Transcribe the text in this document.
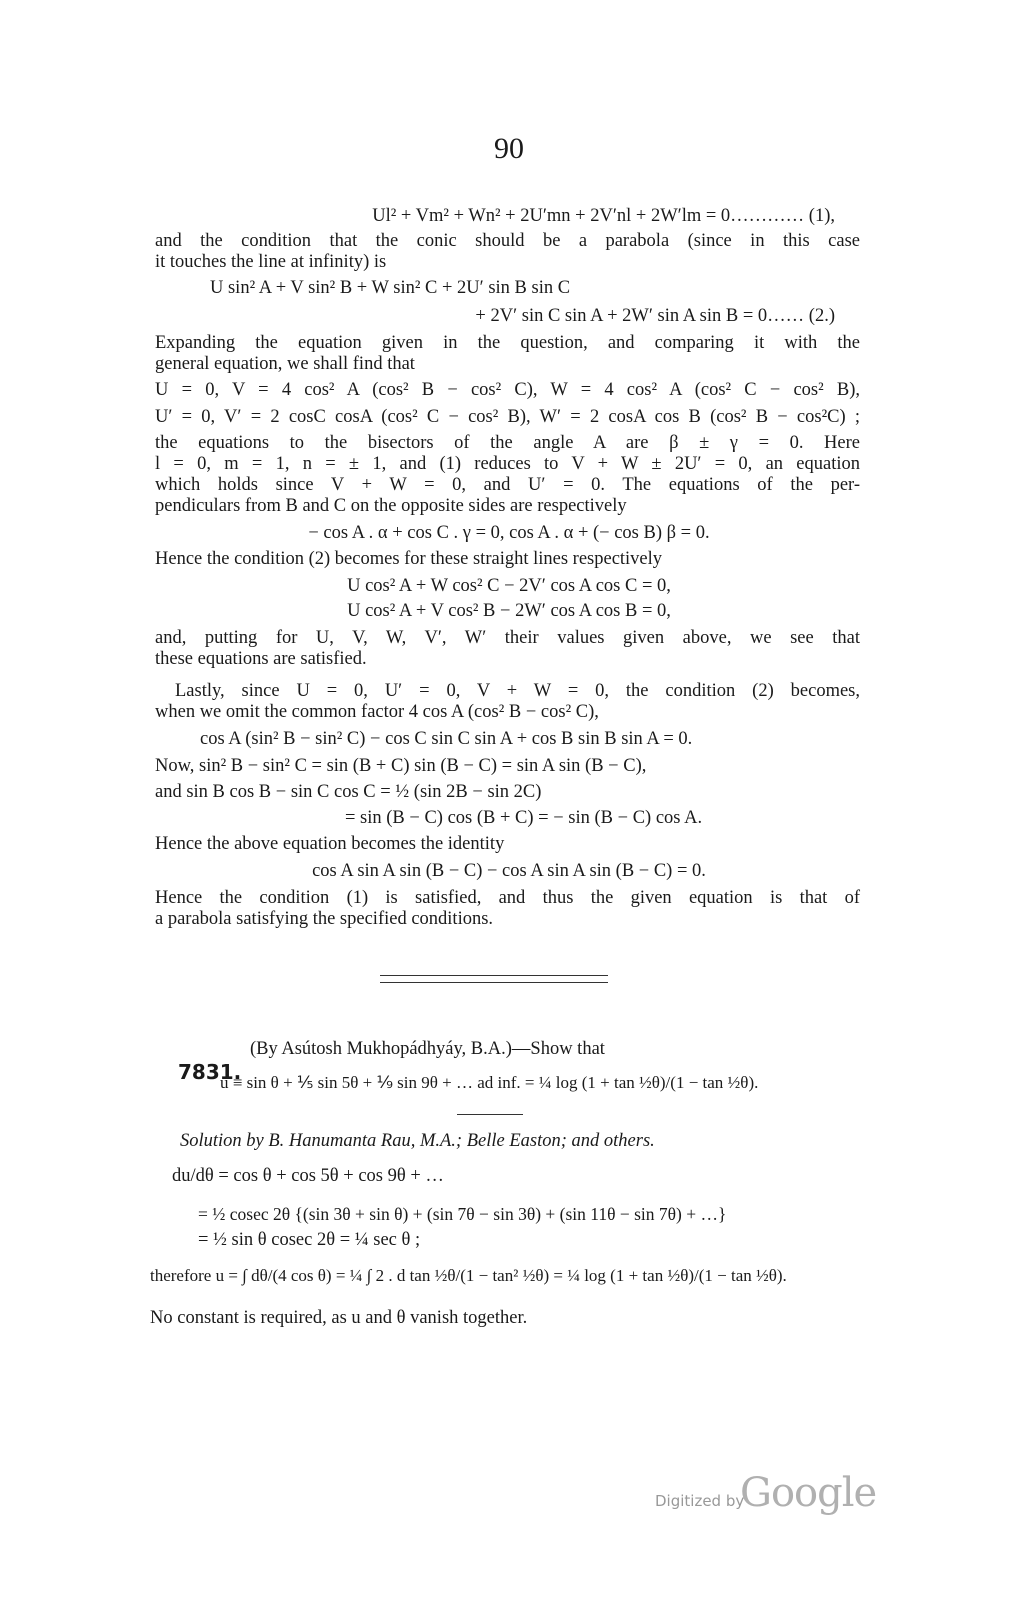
90
Ul² + Vm² + Wn² + 2U′mn + 2V′nl + 2W′lm = 0………… (1),
and the condition that the conic should be a parabola (since in this case
it touches the line at infinity) is
U sin² A + V sin² B + W sin² C + 2U′ sin B sin C
+ 2V′ sin C sin A + 2W′ sin A sin B = 0…… (2.)
Expanding the equation given in the question, and comparing it with the
general equation, we shall find that
U = 0, V = 4 cos² A (cos² B − cos² C), W = 4 cos² A (cos² C − cos² B),
U′ = 0, V′ = 2 cosC cosA (cos² C − cos² B), W′ = 2 cosA cos B (cos² B − cos²C) ;
the equations to the bisectors of the angle A are β ± γ = 0. Here
l = 0, m = 1, n = ± 1, and (1) reduces to V + W ± 2U′ = 0, an equation
which holds since V + W = 0, and U′ = 0. The equations of the per-
pendiculars from B and C on the opposite sides are respectively
− cos A . α + cos C . γ = 0, cos A . α + (− cos B) β = 0.
Hence the condition (2) becomes for these straight lines respectively
U cos² A + W cos² C − 2V′ cos A cos C = 0,
U cos² A + V cos² B − 2W′ cos A cos B = 0,
and, putting for U, V, W, V′, W′ their values given above, we see that
these equations are satisfied.
Lastly, since U = 0, U′ = 0, V + W = 0, the condition (2) becomes,
when we omit the common factor 4 cos A (cos² B − cos² C),
cos A (sin² B − sin² C) − cos C sin C sin A + cos B sin B sin A = 0.
Now, sin² B − sin² C = sin (B + C) sin (B − C) = sin A sin (B − C),
and sin B cos B − sin C cos C = ½ (sin 2B − sin 2C)
= sin (B − C) cos (B + C) = − sin (B − C) cos A.
Hence the above equation becomes the identity
cos A sin A sin (B − C) − cos A sin A sin (B − C) = 0.
Hence the condition (1) is satisfied, and thus the given equation is that of
a parabola satisfying the specified conditions.
7831.
(By Asútosh Mukhopádhyáy, B.A.)—Show that
u ≡ sin θ + ⅕ sin 5θ + ⅑ sin 9θ + … ad inf. = ¼ log (1 + tan ½θ)/(1 − tan ½θ).
Solution by B. Hanumanta Rau, M.A.; Belle Easton; and others.
du/dθ = cos θ + cos 5θ + cos 9θ + …
= ½ cosec 2θ {(sin 3θ + sin θ) + (sin 7θ − sin 3θ) + (sin 11θ − sin 7θ) + …}
= ½ sin θ cosec 2θ = ¼ sec θ ;
therefore u = ∫ dθ/(4 cos θ) = ¼ ∫ 2 . d tan ½θ/(1 − tan² ½θ) = ¼ log (1 + tan ½θ)/(1 − tan ½θ).
No constant is required, as u and θ vanish together.
Digitized by
Google
